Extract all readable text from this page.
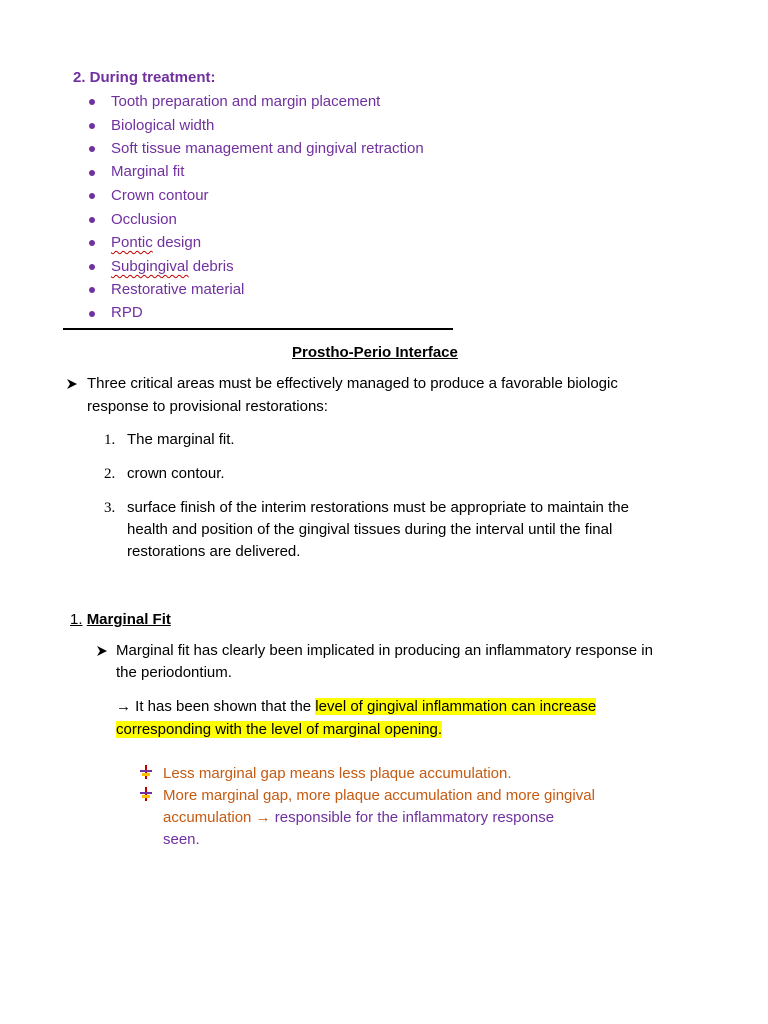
2. During treatment:
Tooth preparation and margin placement
Biological width
Soft tissue management and gingival retraction
Marginal fit
Crown contour
Occlusion
Pontic design
Subgingival debris
Restorative material
RPD
Prostho-Perio Interface
Three critical areas must be effectively managed to produce a favorable biologic
response to provisional restorations:
1. The marginal fit.
2. crown contour.
3. surface finish of the interim restorations must be appropriate to maintain the
health and position of the gingival tissues during the interval until the final
restorations are delivered.
1. Marginal Fit
Marginal fit has clearly been implicated in producing an inflammatory response in
the periodontium.
→ It has been shown that the level of gingival inflammation can increase
corresponding with the level of marginal opening.
Less marginal gap means less plaque accumulation.
More marginal gap, more plaque accumulation and more gingival
accumulation → responsible for the inflammatory response
seen.
